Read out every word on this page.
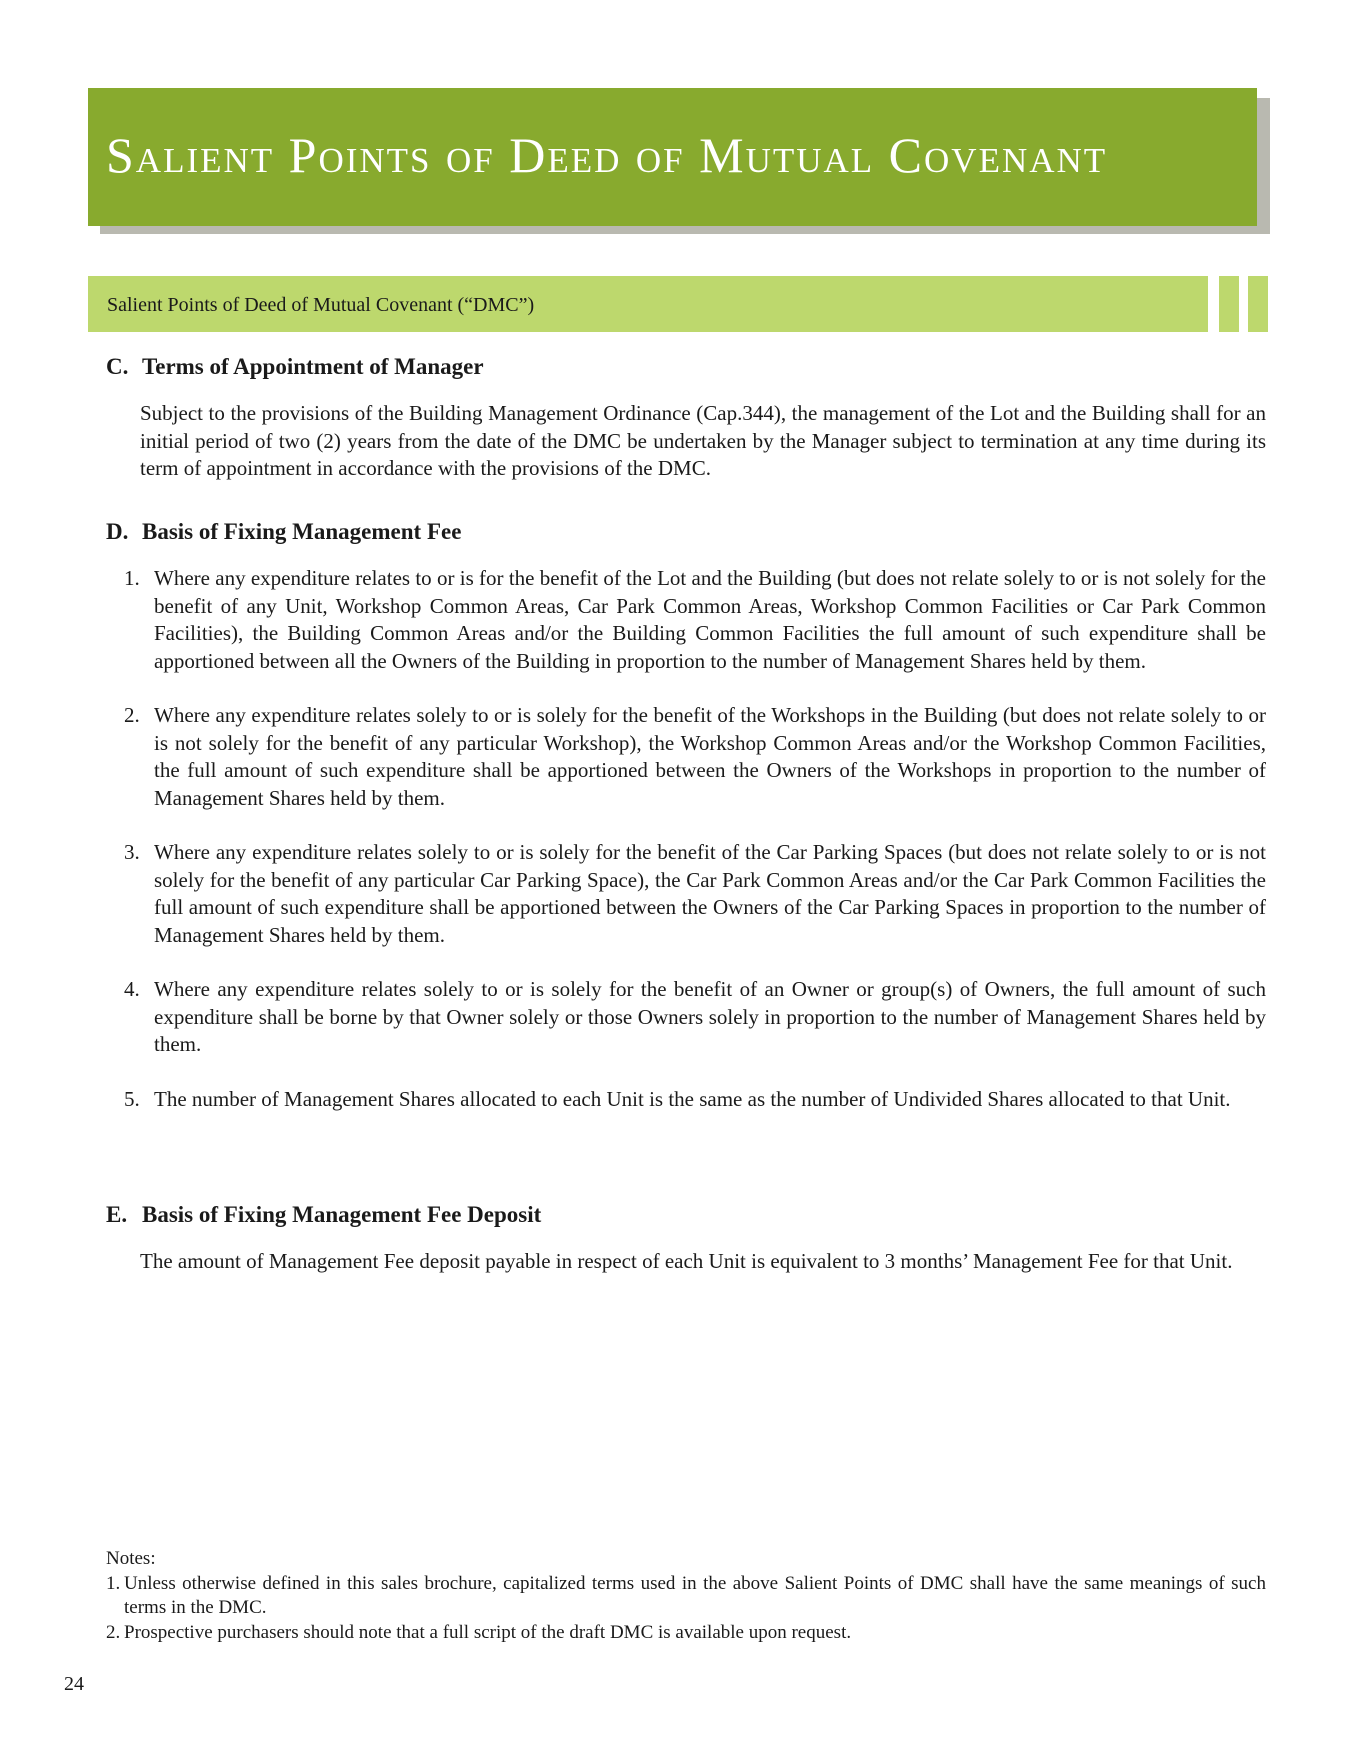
Salient Points of Deed of Mutual Covenant
Salient Points of Deed of Mutual Covenant (“DMC”)
C. Terms of Appointment of Manager

Subject to the provisions of the Building Management Ordinance (Cap.344), the management of the Lot and the Building shall for an initial period of two (2) years from the date of the DMC be undertaken by the Manager subject to termination at any time during its term of appointment in accordance with the provisions of the DMC.

D. Basis of Fixing Management Fee
1. Where any expenditure relates to or is for the benefit of the Lot and the Building (but does not relate solely to or is not solely for the benefit of any Unit, Workshop Common Areas, Car Park Common Areas, Workshop Common Facilities or Car Park Common Facilities), the Building Common Areas and/or the Building Common Facilities the full amount of such expenditure shall be apportioned between all the Owners of the Building in proportion to the number of Management Shares held by them.
2. Where any expenditure relates solely to or is solely for the benefit of the Workshops in the Building (but does not relate solely to or is not solely for the benefit of any particular Workshop), the Workshop Common Areas and/or the Workshop Common Facilities, the full amount of such expenditure shall be apportioned between the Owners of the Workshops in proportion to the number of Management Shares held by them.
3. Where any expenditure relates solely to or is solely for the benefit of the Car Parking Spaces (but does not relate solely to or is not solely for the benefit of any particular Car Parking Space), the Car Park Common Areas and/or the Car Park Common Facilities the full amount of such expenditure shall be apportioned between the Owners of the Car Parking Spaces in proportion to the number of Management Shares held by them.
4. Where any expenditure relates solely to or is solely for the benefit of an Owner or group(s) of Owners, the full amount of such expenditure shall be borne by that Owner solely or those Owners solely in proportion to the number of Management Shares held by them.
5. The number of Management Shares allocated to each Unit is the same as the number of Undivided Shares allocated to that Unit.
E. Basis of Fixing Management Fee Deposit

The amount of Management Fee deposit payable in respect of each Unit is equivalent to 3 months’ Management Fee for that Unit.

Notes:
1. Unless otherwise defined in this sales brochure, capitalized terms used in the above Salient Points of DMC shall have the same meanings of such terms in the DMC.
2. Prospective purchasers should note that a full script of the draft DMC is available upon request.
24
